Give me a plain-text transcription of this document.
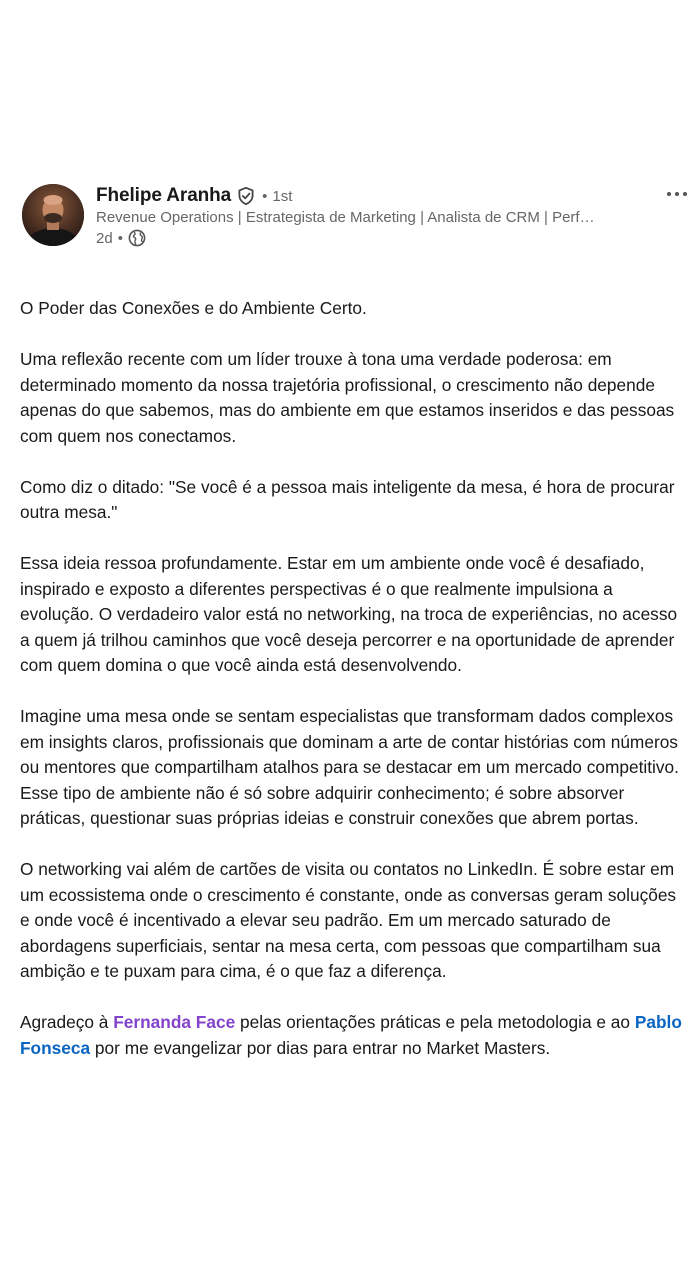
Fhelipe Aranha • 1st
Revenue Operations | Estrategista de Marketing | Analista de CRM | Perf…
2d •

O Poder das Conexões e do Ambiente Certo.

Uma reflexão recente com um líder trouxe à tona uma verdade poderosa: em determinado momento da nossa trajetória profissional, o crescimento não depende apenas do que sabemos, mas do ambiente em que estamos inseridos e das pessoas com quem nos conectamos.

Como diz o ditado: "Se você é a pessoa mais inteligente da mesa, é hora de procurar outra mesa."

Essa ideia ressoa profundamente. Estar em um ambiente onde você é desafiado, inspirado e exposto a diferentes perspectivas é o que realmente impulsiona a evolução. O verdadeiro valor está no networking, na troca de experiências, no acesso a quem já trilhou caminhos que você deseja percorrer e na oportunidade de aprender com quem domina o que você ainda está desenvolvendo.

Imagine uma mesa onde se sentam especialistas que transformam dados complexos em insights claros, profissionais que dominam a arte de contar histórias com números ou mentores que compartilham atalhos para se destacar em um mercado competitivo. Esse tipo de ambiente não é só sobre adquirir conhecimento; é sobre absorver práticas, questionar suas próprias ideias e construir conexões que abrem portas.

O networking vai além de cartões de visita ou contatos no LinkedIn. É sobre estar em um ecossistema onde o crescimento é constante, onde as conversas geram soluções e onde você é incentivado a elevar seu padrão. Em um mercado saturado de abordagens superficiais, sentar na mesa certa, com pessoas que compartilham sua ambição e te puxam para cima, é o que faz a diferença.

Agradeço à Fernanda Face pelas orientações práticas e pela metodologia e ao Pablo Fonseca por me evangelizar por dias para entrar no Market Masters.
